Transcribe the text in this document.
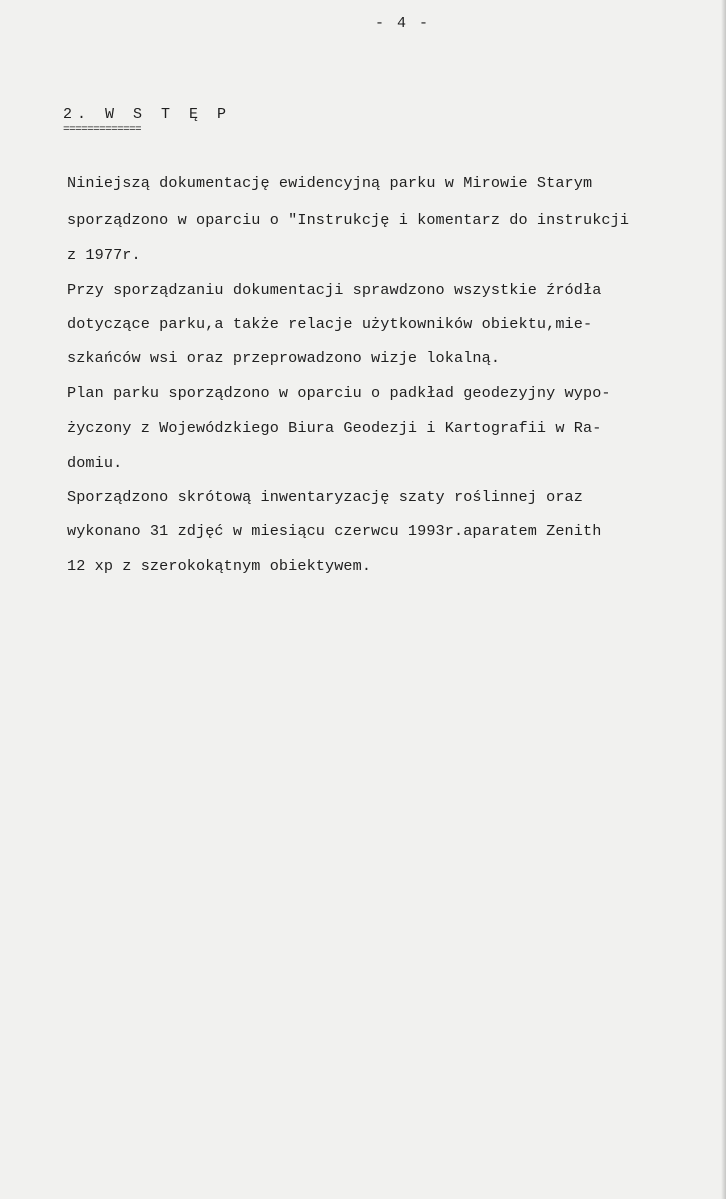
- 4 -
2. W S T Ę P
=============
Niniejszą dokumentację ewidencyjną parku w Mirowie Starym
sporządzono w oparciu o "Instrukcję i komentarz do instrukcji
z 1977r.
Przy sporządzaniu dokumentacji sprawdzono wszystkie źródła
dotyczące parku,a także relacje użytkowników obiektu,mie-
szkańców wsi oraz przeprowadzono wizje lokalną.
Plan parku sporządzono w oparciu o padkład geodezyjny wypo-
życzony z Wojewódzkiego Biura Geodezji i Kartografii w Ra-
domiu.
Sporządzono skrótową inwentaryzację szaty roślinnej oraz
wykonano 31 zdjęć w miesiącu czerwcu 1993r.aparatem Zenith
12 xp z szerokokątnym obiektywem.
